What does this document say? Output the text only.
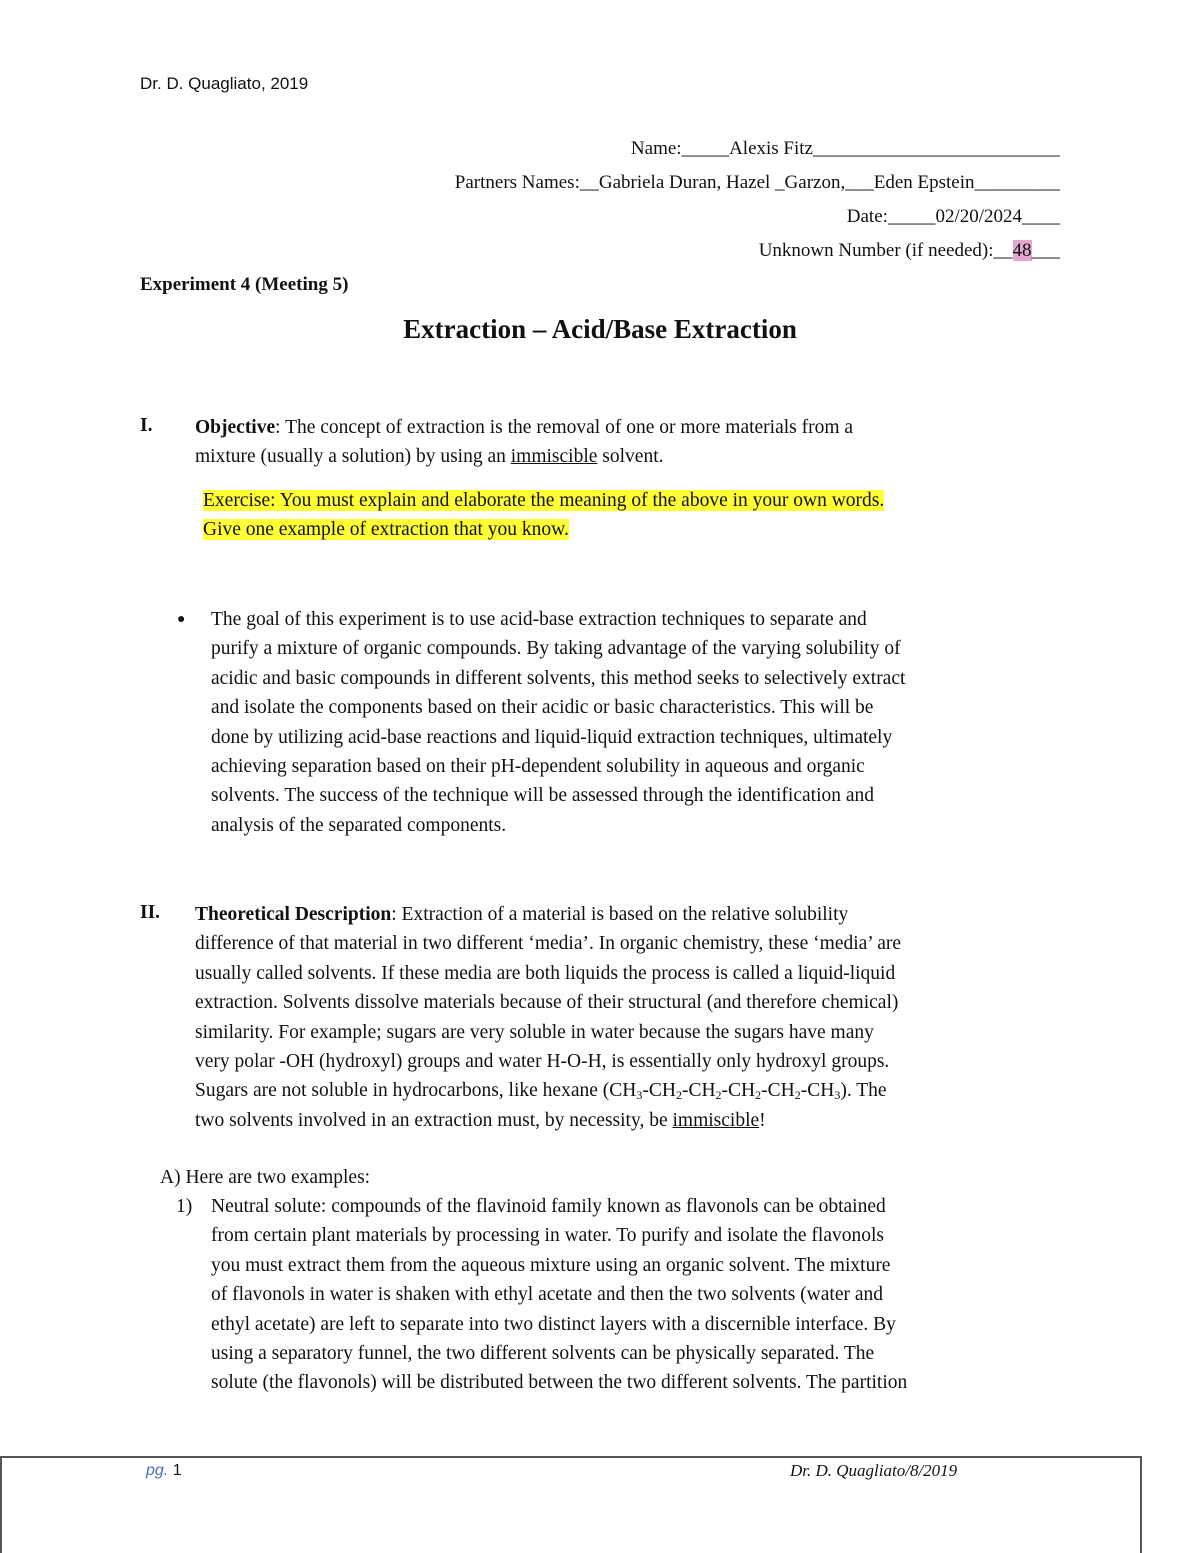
Dr. D. Quagliato, 2019
Name:_____Alexis Fitz__________________________
Partners Names:__Gabriela Duran, Hazel _Garzon,___Eden Epstein_________
Date:_____02/20/2024____
Unknown Number (if needed):__48___
Experiment 4 (Meeting 5)
Extraction – Acid/Base Extraction
I. Objective: The concept of extraction is the removal of one or more materials from a
mixture (usually a solution) by using an immiscible solvent.
Exercise: You must explain and elaborate the meaning of the above in your own words.
Give one example of extraction that you know.
● The goal of this experiment is to use acid-base extraction techniques to separate and
purify a mixture of organic compounds. By taking advantage of the varying solubility of
acidic and basic compounds in different solvents, this method seeks to selectively extract
and isolate the components based on their acidic or basic characteristics. This will be
done by utilizing acid-base reactions and liquid-liquid extraction techniques, ultimately
achieving separation based on their pH-dependent solubility in aqueous and organic
solvents. The success of the technique will be assessed through the identification and
analysis of the separated components.
II. Theoretical Description: Extraction of a material is based on the relative solubility
difference of that material in two different ‘media’. In organic chemistry, these ‘media’ are
usually called solvents. If these media are both liquids the process is called a liquid-liquid
extraction. Solvents dissolve materials because of their structural (and therefore chemical)
similarity. For example; sugars are very soluble in water because the sugars have many
very polar -OH (hydroxyl) groups and water H-O-H, is essentially only hydroxyl groups.
Sugars are not soluble in hydrocarbons, like hexane $(CH_3-CH_2-CH_2-CH_2-CH_2-CH_3)$. The
two solvents involved in an extraction must, by necessity, be immiscible!
A) Here are two examples:
1) Neutral solute: compounds of the flavinoid family known as flavonols can be obtained
from certain plant materials by processing in water. To purify and isolate the flavonols
you must extract them from the aqueous mixture using an organic solvent. The mixture
of flavonols in water is shaken with ethyl acetate and then the two solvents (water and
ethyl acetate) are left to separate into two distinct layers with a discernible interface. By
using a separatory funnel, the two different solvents can be physically separated. The
solute (the flavonols) will be distributed between the two different solvents. The partition
pg. 1	Dr. D. Quagliato/8/2019
